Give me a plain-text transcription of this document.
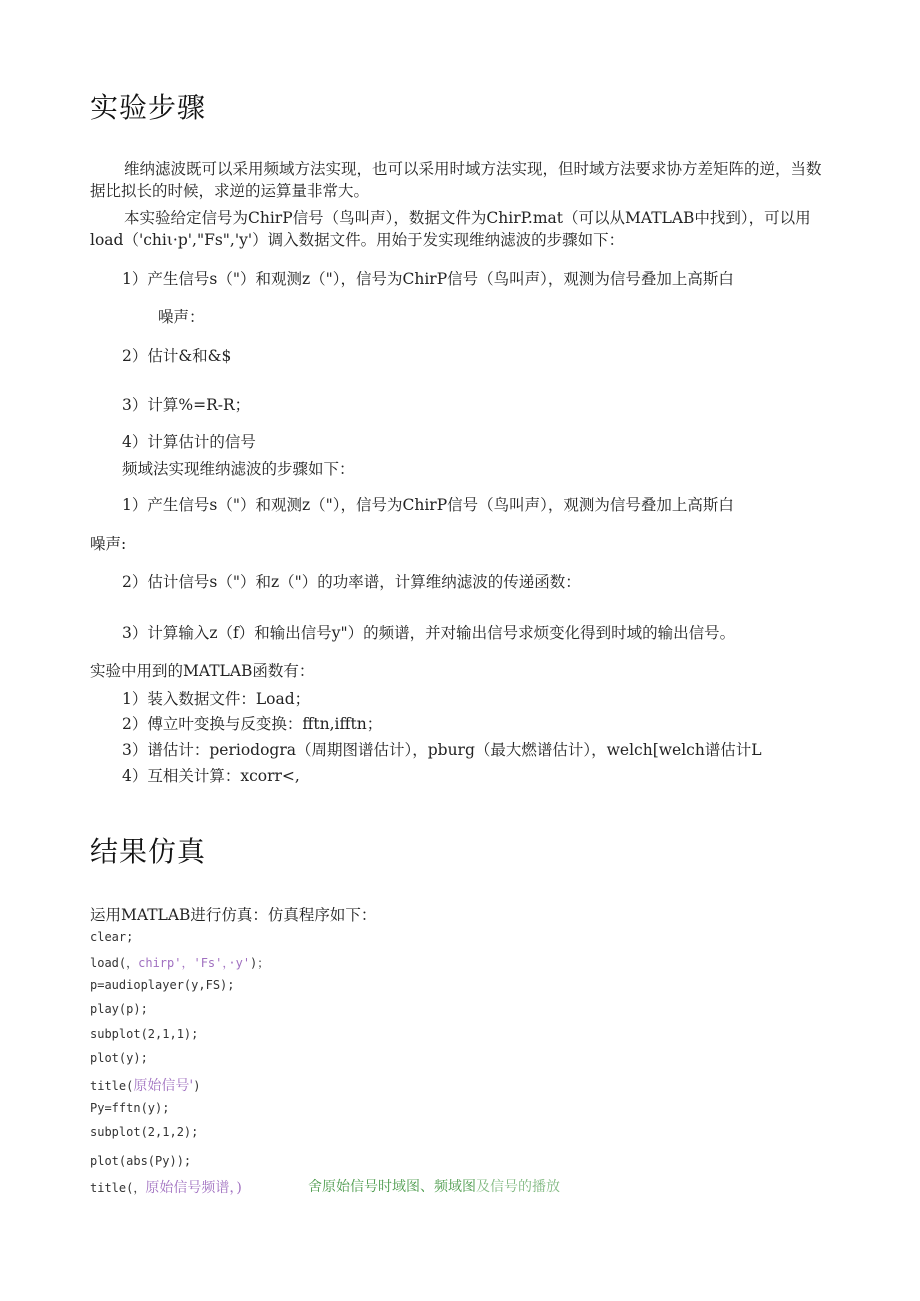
实验步骤
维纳滤波既可以采用频域方法实现，也可以采用时域方法实现，但时域方法要求协方差矩阵的逆，当数据比拟长的时候，求逆的运算量非常大。
本实验给定信号为ChirP信号（鸟叫声），数据文件为ChirP.mat（可以从MATLAB中找到），可以用load（'chiι·p',"Fs",'y'）调入数据文件。用始于发实现维纳滤波的步骤如下：
1）产生信号s（"）和观测z（"），信号为ChirP信号（鸟叫声），观测为信号叠加上高斯白
噪声：
2）估计&和&$
3）计算%=R-R；
4）计算估计的信号
频域法实现维纳滤波的步骤如下：
1）产生信号s（"）和观测z（"），信号为ChirP信号（鸟叫声），观测为信号叠加上高斯白
噪声:
2）估计信号s（"）和z（"）的功率谱，计算维纳滤波的传递函数：
3）计算输入z（f）和输出信号y"）的频谱，并对输出信号求烦变化得到时域的输出信号。
实验中用到的MATLAB函数有：
1）装入数据文件：Load；
2）傅立叶变换与反变换：fftn,ifftn；
3）谱估计：periodogra（周期图谱估计），pburg（最大燃谱估计），welch[welch谱估计L
4）互相关计算：xcorr<,
结果仿真
运用MATLAB进行仿真：仿真程序如下：
clear;
load(，chirp'，'Fs'，·y')；
p=audioplayer(y,FS);
play(p);
subplot(2,1,1);
plot(y);
title(原始信号')
Py=fftn(y);
subplot(2,1,2);
plot(abs(Py));
title(，原始信号频谱，)	舍原始信号时域图、频域图及信号的播放
